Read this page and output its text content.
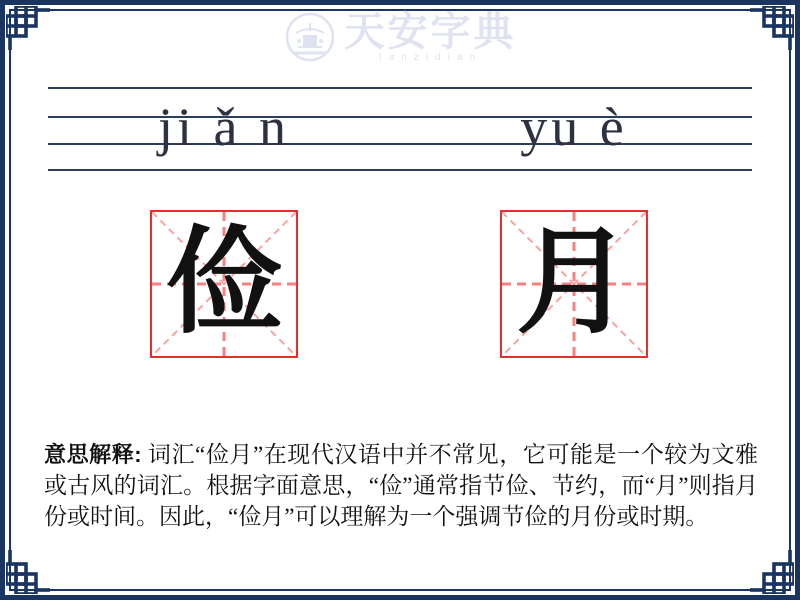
天安字典
tanzidian
ji ǎ n	yu è
俭 月

意思解释: 词汇“俭月”在现代汉语中并不常见，它可能是一个较为文雅或古风的词汇。根据字面意思，“俭”通常指节俭、节约，而“月”则指月份或时间。因此，“俭月”可以理解为一个强调节俭的月份或时期。
